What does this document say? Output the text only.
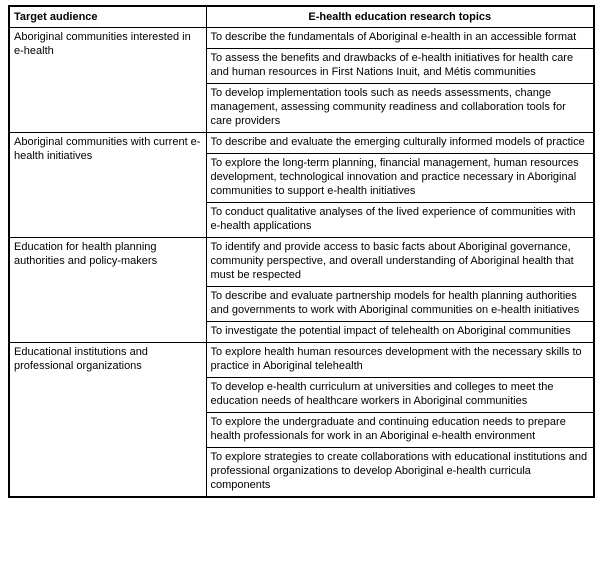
Target audience	E-health education research topics
Aboriginal communities interested in e-health	To describe the fundamentals of Aboriginal e-health in an accessible format
	To assess the benefits and drawbacks of e-health initiatives for health care and human resources in First Nations Inuit, and Métis communities
	To develop implementation tools such as needs assessments, change management, assessing community readiness and collaboration tools for care providers
Aboriginal communities with current e-health initiatives	To describe and evaluate the emerging culturally informed models of practice
	To explore the long-term planning, financial management, human resources development, technological innovation and practice necessary in Aboriginal communities to support e-health initiatives
	To conduct qualitative analyses of the lived experience of communities with e-health applications
Education for health planning authorities and policy-makers	To identify and provide access to basic facts about Aboriginal governance, community perspective, and overall understanding of Aboriginal health that must be respected
	To describe and evaluate partnership models for health planning authorities and governments to work with Aboriginal communities on e-health initiatives
	To investigate the potential impact of telehealth on Aboriginal communities
Educational institutions and professional organizations	To explore health human resources development with the necessary skills to practice in Aboriginal telehealth
	To develop e-health curriculum at universities and colleges to meet the education needs of healthcare workers in Aboriginal communities
	To explore the undergraduate and continuing education needs to prepare health professionals for work in an Aboriginal e-health environment
	To explore strategies to create collaborations with educational institutions and professional organizations to develop Aboriginal e-health curricula components
